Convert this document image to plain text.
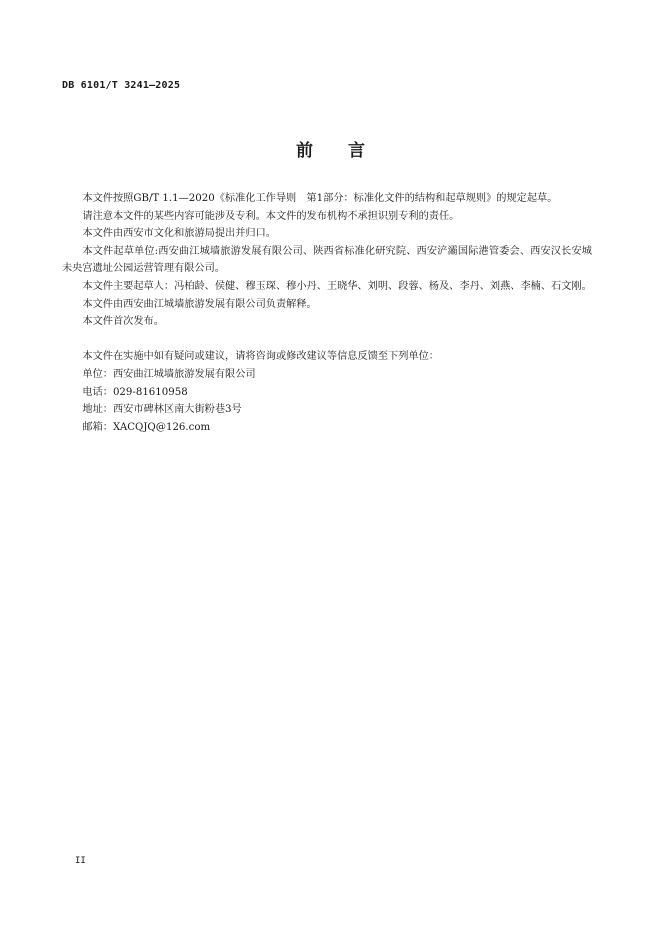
DB 6101/T 3241—2025
前 言

本文件按照GB/T 1.1—2020《标准化工作导则　第1部分：标准化文件的结构和起草规则》的规定起草。

请注意本文件的某些内容可能涉及专利。本文件的发布机构不承担识别专利的责任。

本文件由西安市文化和旅游局提出并归口。

本文件起草单位:西安曲江城墙旅游发展有限公司、陕西省标准化研究院、西安浐灞国际港管委会、西安汉长安城未央宫遗址公园运营管理有限公司。

本文件主要起草人：冯柏龄、侯健、穆玉琛、穆小丹、王晓华、刘明、段蓉、杨及、李丹、刘燕、李楠、石文刚。

本文件由西安曲江城墙旅游发展有限公司负责解释。

本文件首次发布。

本文件在实施中如有疑问或建议，请将咨询或修改建议等信息反馈至下列单位：

单位：西安曲江城墙旅游发展有限公司

电话：029-81610958

地址：西安市碑林区南大街粉巷3号

邮箱：XACQJQ@126.com

II
